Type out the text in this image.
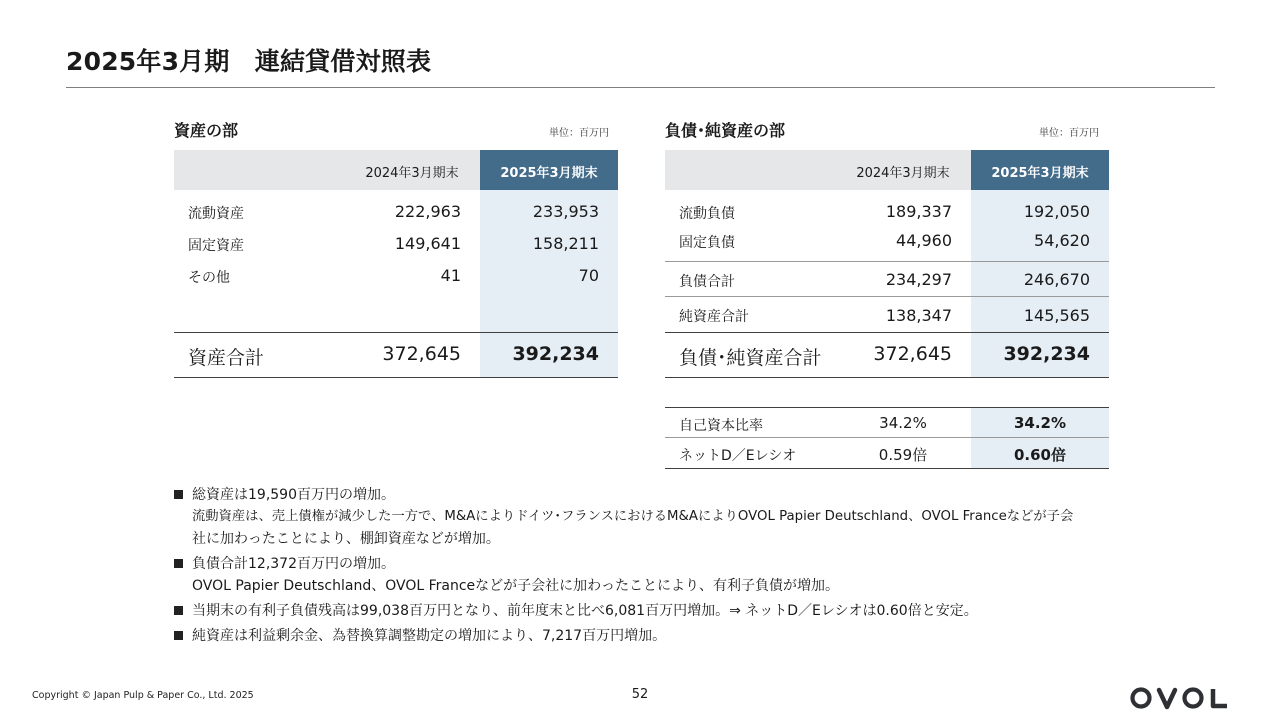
2025年3月期　連結貸借対照表
資産の部	単位：百万円
2024年3月期末	2025年3月期末
流動資産	222,963	233,953
固定資産	149,641	158,211
その他	41	70
資産合計	372,645	392,234
負債･純資産の部	単位：百万円
2024年3月期末	2025年3月期末
流動負債	189,337	192,050
固定負債	44,960	54,620
負債合計	234,297	246,670
純資産合計	138,347	145,565
負債･純資産合計	372,645	392,234
自己資本比率	34.2%	34.2%
ネットD／Eレシオ	0.59倍	0.60倍
総資産は19,590百万円の増加。
流動資産は、売上債権が減少した一方で、M&Aによりドイツ･フランスにおけるM&AによりOVOL Papier Deutschland、OVOL Franceなどが子会
社に加わったことにより、棚卸資産などが増加。
負債合計12,372百万円の増加。
OVOL Papier Deutschland、OVOL Franceなどが子会社に加わったことにより、有利子負債が増加。
当期末の有利子負債残高は99,038百万円となり、前年度末と比べ6,081百万円増加。⇒ ネットD／Eレシオは0.60倍と安定。
純資産は利益剰余金、為替換算調整勘定の増加により、7,217百万円増加。
Copyright © Japan Pulp & Paper Co., Ltd. 2025	52
